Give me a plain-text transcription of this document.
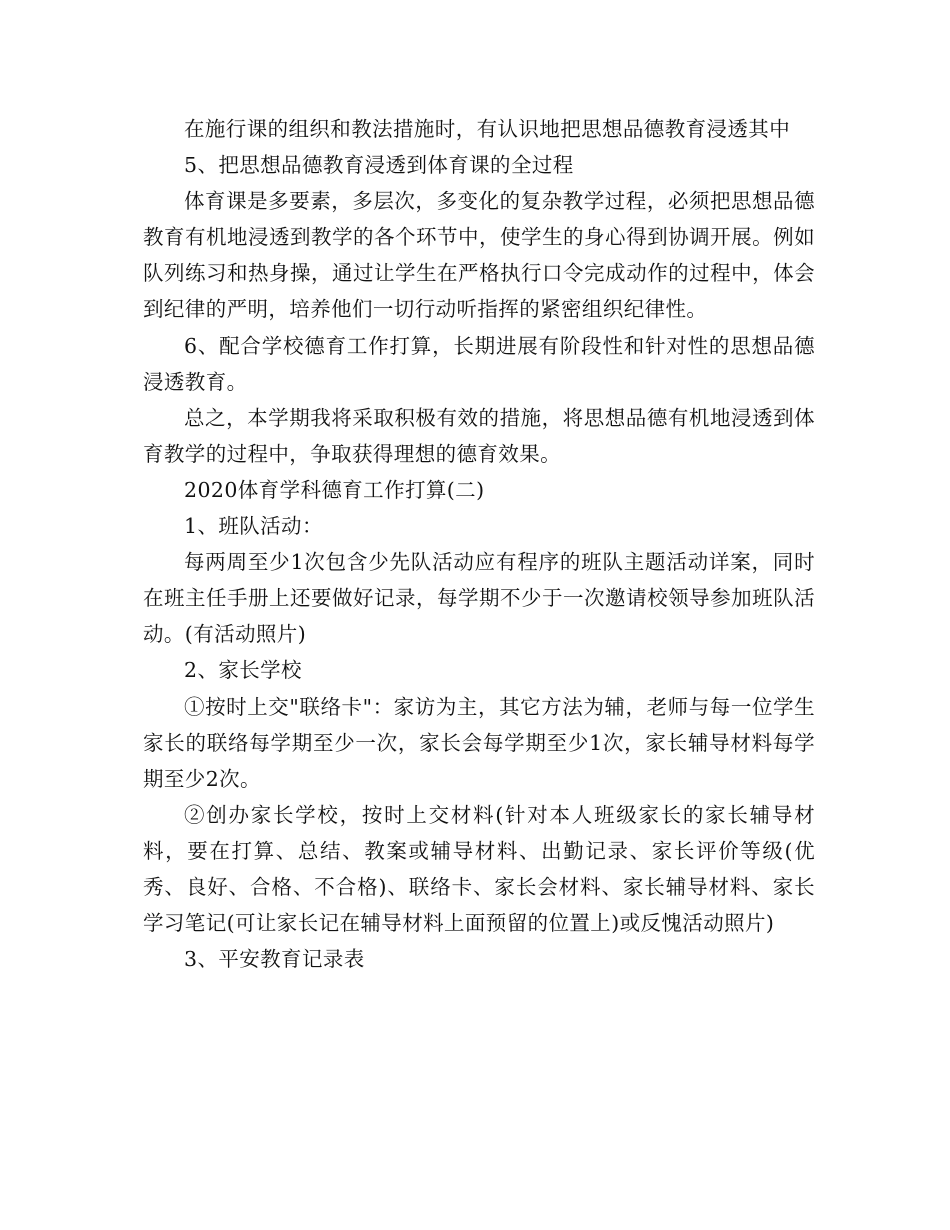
在施行课的组织和教法措施时，有认识地把思想品德教育浸透其中

5、把思想品德教育浸透到体育课的全过程

体育课是多要素，多层次，多变化的复杂教学过程，必须把思想品德教育有机地浸透到教学的各个环节中，使学生的身心得到协调开展。例如队列练习和热身操，通过让学生在严格执行口令完成动作的过程中，体会到纪律的严明，培养他们一切行动听指挥的紧密组织纪律性。

6、配合学校德育工作打算，长期进展有阶段性和针对性的思想品德浸透教育。

总之，本学期我将采取积极有效的措施，将思想品德有机地浸透到体育教学的过程中，争取获得理想的德育效果。

2020体育学科德育工作打算(二)

1、班队活动：

每两周至少1次包含少先队活动应有程序的班队主题活动详案，同时在班主任手册上还要做好记录，每学期不少于一次邀请校领导参加班队活动。(有活动照片)

2、家长学校

①按时上交"联络卡"：家访为主，其它方法为辅，老师与每一位学生家长的联络每学期至少一次，家长会每学期至少1次，家长辅导材料每学期至少2次。

②创办家长学校，按时上交材料(针对本人班级家长的家长辅导材料，要在打算、总结、教案或辅导材料、出勤记录、家长评价等级(优秀、良好、合格、不合格)、联络卡、家长会材料、家长辅导材料、家长学习笔记(可让家长记在辅导材料上面预留的位置上)或反愧活动照片)

3、平安教育记录表
